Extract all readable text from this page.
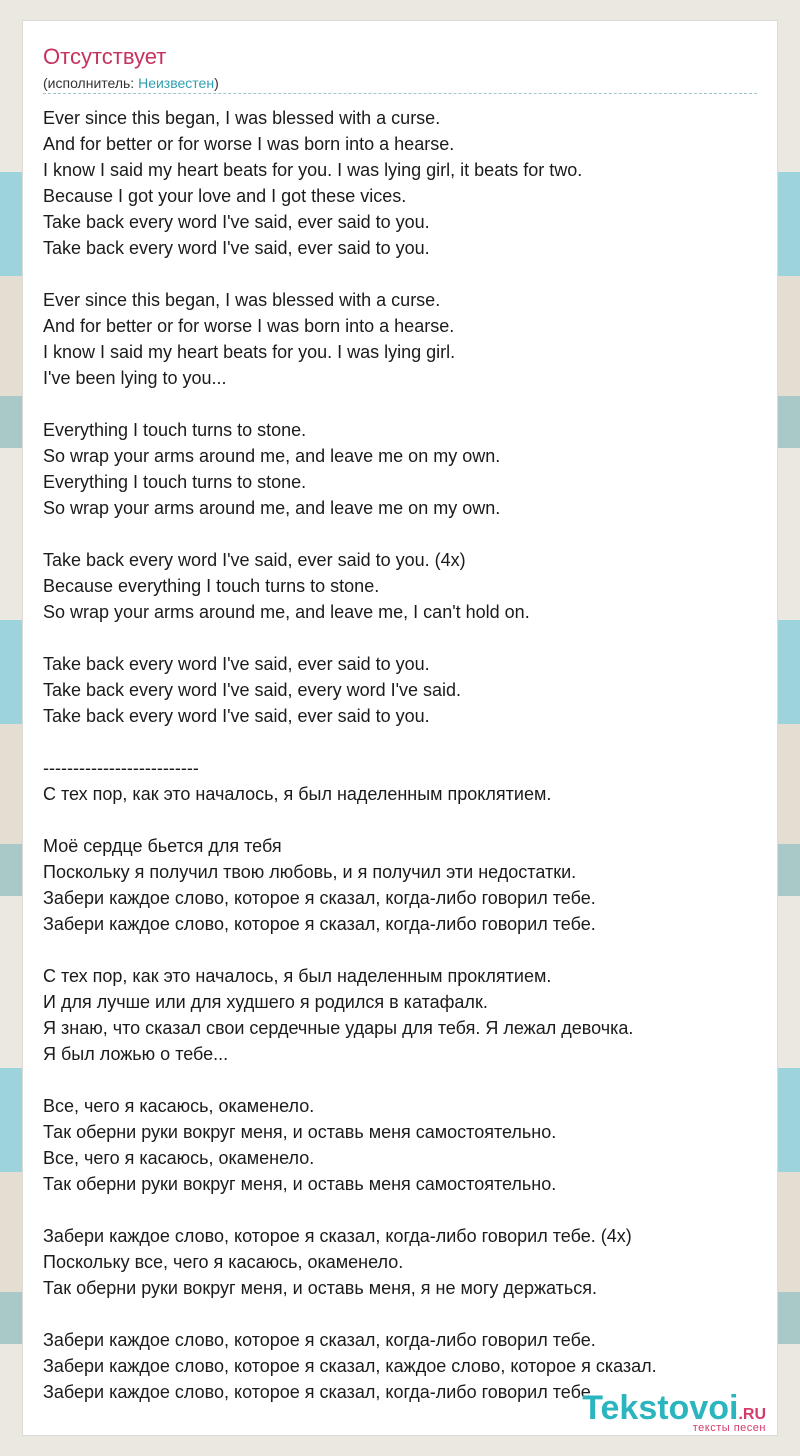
Отсутствует
(исполнитель: Неизвестен)
Ever since this began, I was blessed with a curse.
And for better or for worse I was born into a hearse.
I know I said my heart beats for you. I was lying girl, it beats for two.
Because I got your love and I got these vices.
Take back every word I've said, ever said to you.
Take back every word I've said, ever said to you.
Ever since this began, I was blessed with a curse.
And for better or for worse I was born into a hearse.
I know I said my heart beats for you. I was lying girl.
I've been lying to you...
Everything I touch turns to stone.
So wrap your arms around me, and leave me on my own.
Everything I touch turns to stone.
So wrap your arms around me, and leave me on my own.
Take back every word I've said, ever said to you. (4x)
Because everything I touch turns to stone.
So wrap your arms around me, and leave me, I can't hold on.
Take back every word I've said, ever said to you.
Take back every word I've said, every word I've said.
Take back every word I've said, ever said to you.
--------------------------
С тех пор, как это началось, я был наделенным проклятием.
Моё сердце бьется для тебя
Поскольку я получил твою любовь, и я получил эти недостатки.
Забери каждое слово, которое я сказал, когда-либо говорил тебе.
Забери каждое слово, которое я сказал, когда-либо говорил тебе.
С тех пор, как это началось, я был наделенным проклятием.
И для лучше или для худшего я родился в катафалк.
Я знаю, что сказал свои сердечные удары для тебя. Я лежал девочка.
Я был ложью о тебе...
Все, чего я касаюсь, окаменело.
Так оберни руки вокруг меня, и оставь меня самостоятельно.
Все, чего я касаюсь, окаменело.
Так оберни руки вокруг меня, и оставь меня самостоятельно.
Забери каждое слово, которое я сказал, когда-либо говорил тебе. (4x)
Поскольку все, чего я касаюсь, окаменело.
Так оберни руки вокруг меня, и оставь меня, я не могу держаться.
Забери каждое слово, которое я сказал, когда-либо говорил тебе.
Забери каждое слово, которое я сказал, каждое слово, которое я сказал.
Забери каждое слово, которое я сказал, когда-либо говорил тебе.
Tekstovoi.RU
тексты песен
